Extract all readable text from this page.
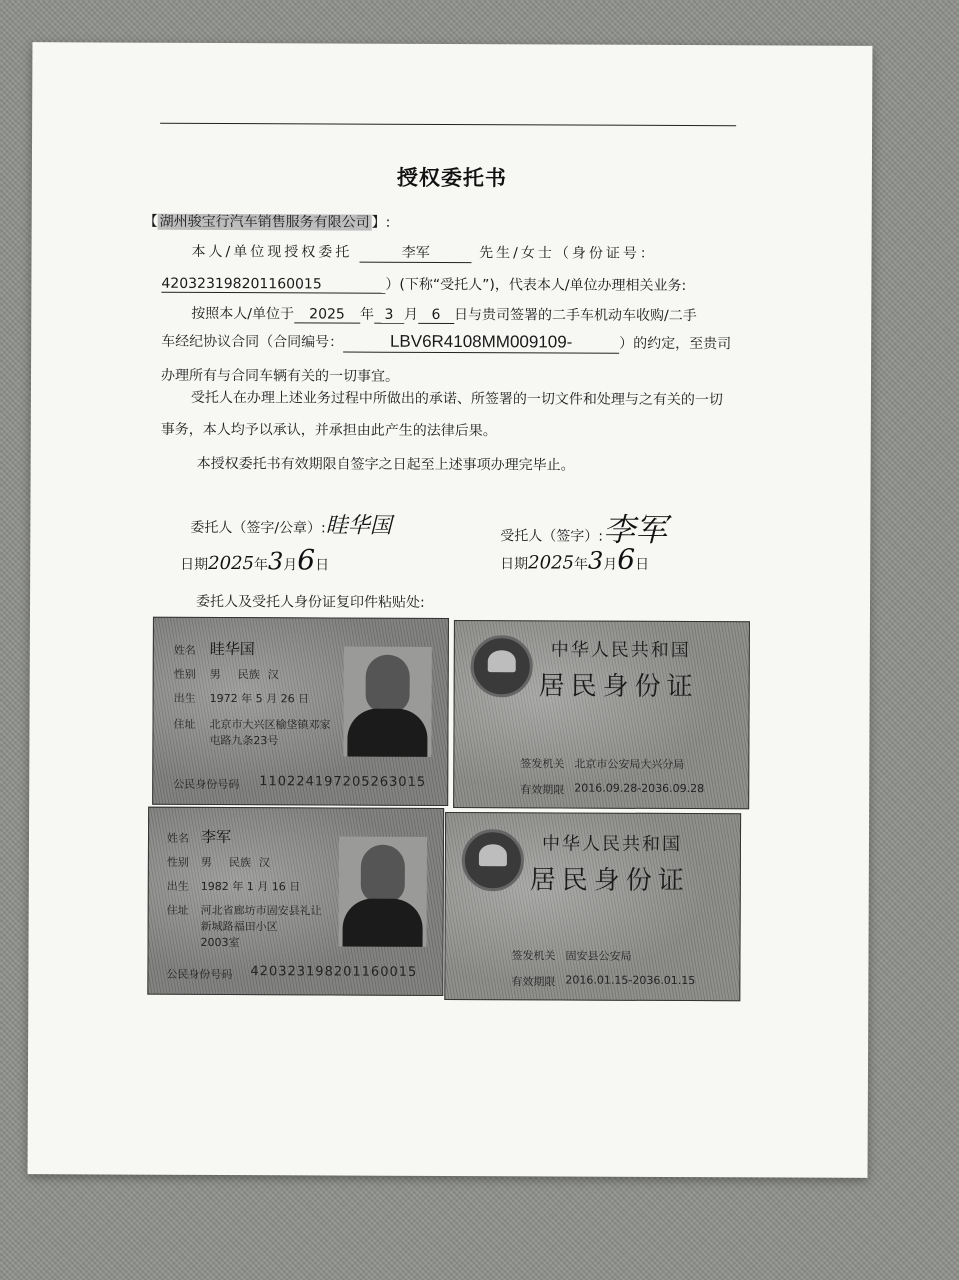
授权委托书
【 湖州骏宝行汽车销售服务有限公司 】:
本人/单位现授权委托	李军	先生/女士（身份证号：
420323198201160015	）(下称“受托人”)，代表本人/单位办理相关业务:
按照本人/单位于 2025 年 3 月 6 日与贵司签署的二手车机动车收购/二手
车经纪协议合同（合同编号：	LBV6R4108MM009109-	）的约定，至贵司
办理所有与合同车辆有关的一切事宜。
受托人在办理上述业务过程中所做出的承诺、所签署的一切文件和处理与之有关的一切
事务，本人均予以承认，并承担由此产生的法律后果。
本授权委托书有效期限自签字之日起至上述事项办理完毕止。
委托人（签字/公章）:眭华国	受托人（签字）:李军
日期2025年3月6日	日期2025年3月6日
委托人及受托人身份证复印件粘贴处:
姓名 眭华国
性别 男 民族 汉
出生 1972 年 5 月 26 日
住址 北京市大兴区榆垡镇邓家
屯路九条23号
公民身份号码 110224197205263015
中华人民共和国
居民身份证
签发机关 北京市公安局大兴分局
有效期限 2016.09.28-2036.09.28
姓名 李军
性别 男 民族 汉
出生 1982 年 1 月 16 日
住址 河北省廊坊市固安县礼让
新城路福田小区
2003室
公民身份号码 420323198201160015
中华人民共和国
居民身份证
签发机关 固安县公安局
有效期限 2016.01.15-2036.01.15
